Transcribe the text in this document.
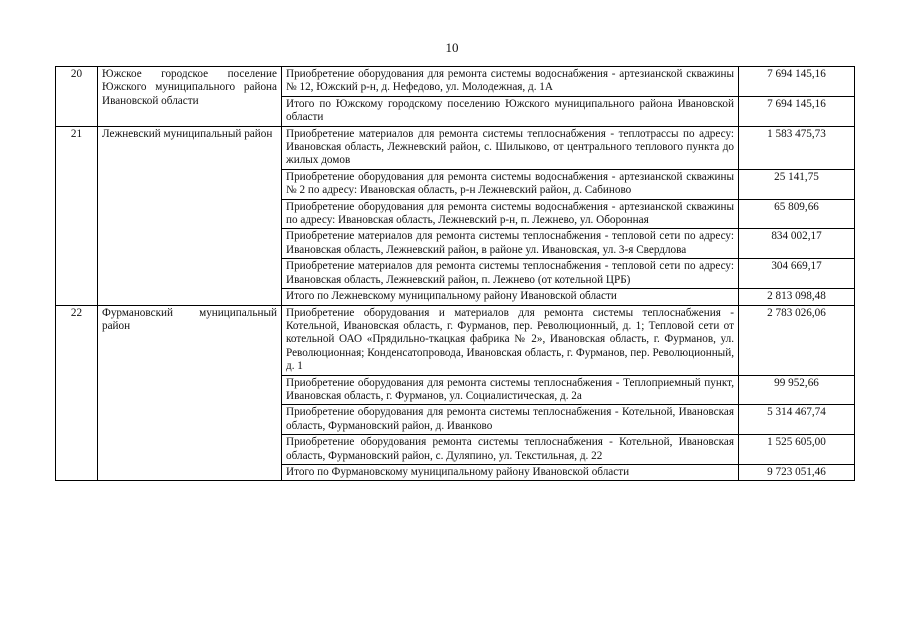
10
20	Южское городское поселение Южского муниципального района Ивановской области	Приобретение оборудования для ремонта системы водоснабжения - артезианской скважины № 12, Южский р-н, д. Нефедово, ул. Молодежная, д. 1А	7 694 145,16
		Итого по Южскому городскому поселению Южского муниципального района Ивановской области	7 694 145,16
21	Лежневский муниципальный район	Приобретение материалов для ремонта системы теплоснабжения - теплотрассы по адресу: Ивановская область, Лежневский район, с. Шилыково, от центрального теплового пункта до жилых домов	1 583 475,73
		Приобретение оборудования для ремонта системы водоснабжения - артезианской скважины № 2 по адресу: Ивановская область, р-н Лежневский район, д. Сабиново	25 141,75
		Приобретение оборудования для ремонта системы водоснабжения - артезианской скважины по адресу: Ивановская область, Лежневский р-н, п. Лежнево, ул. Оборонная	65 809,66
		Приобретение материалов для ремонта системы теплоснабжения - тепловой сети по адресу: Ивановская область, Лежневский район, в районе ул. Ивановская, ул. 3-я Свердлова	834 002,17
		Приобретение материалов для ремонта системы теплоснабжения - тепловой сети по адресу: Ивановская область, Лежневский район, п. Лежнево (от котельной ЦРБ)	304 669,17
		Итого по Лежневскому муниципальному району Ивановской области	2 813 098,48
22	Фурмановский муниципальный район	Приобретение оборудования и материалов для ремонта системы теплоснабжения - Котельной, Ивановская область, г. Фурманов, пер. Революционный, д. 1; Тепловой сети от котельной ОАО «Прядильно-ткацкая фабрика № 2», Ивановская область, г. Фурманов, ул. Революционная; Конденсатопровода, Ивановская область, г. Фурманов, пер. Революционный, д. 1	2 783 026,06
		Приобретение оборудования для ремонта системы теплоснабжения - Теплоприемный пункт, Ивановская область, г. Фурманов, ул. Социалистическая, д. 2а	99 952,66
		Приобретение оборудования для ремонта системы теплоснабжения - Котельной, Ивановская область, Фурмановский район, д. Иванково	5 314 467,74
		Приобретение оборудования ремонта системы теплоснабжения - Котельной, Ивановская область, Фурмановский район, с. Дуляпино, ул. Текстильная, д. 22	1 525 605,00
		Итого по Фурмановскому муниципальному району Ивановской области	9 723 051,46
